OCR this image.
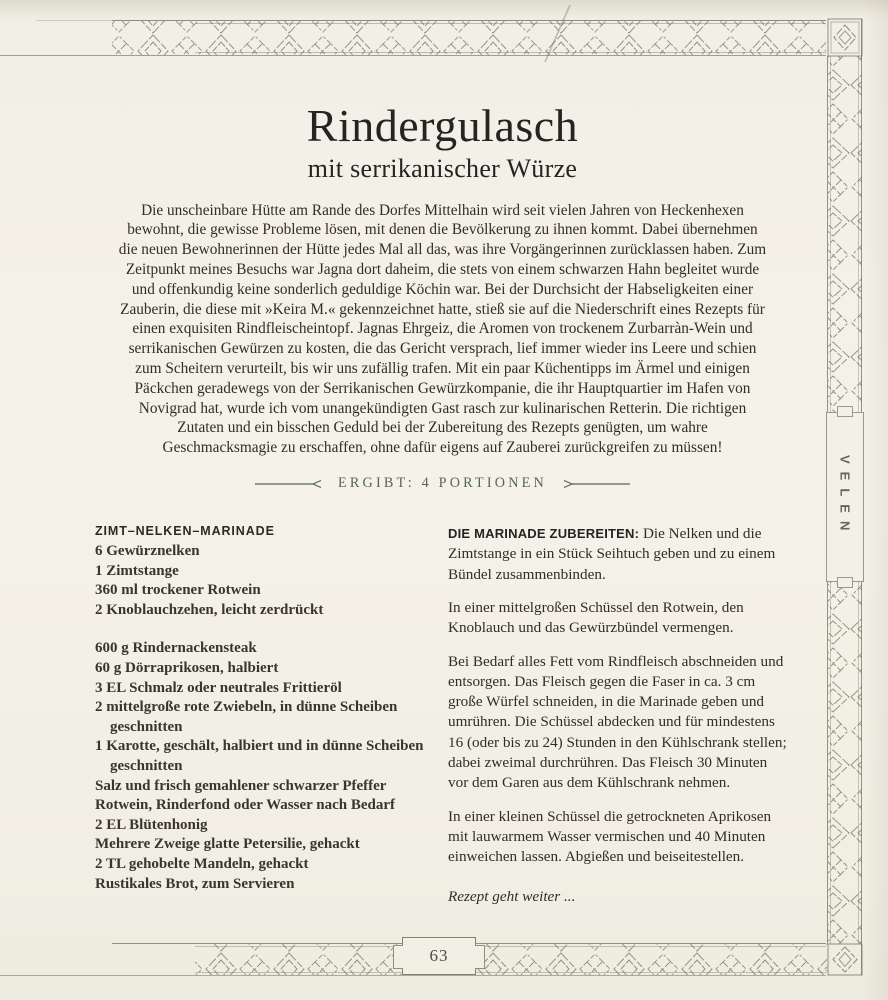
VELEN
63
Rindergulasch
mit serrikanischer Würze

Die unscheinbare Hütte am Rande des Dorfes Mittelhain wird seit vielen Jahren von Heckenhexen bewohnt, die gewisse Probleme lösen, mit denen die Bevölkerung zu ihnen kommt. Dabei übernehmen die neuen Bewohnerinnen der Hütte jedes Mal all das, was ihre Vorgängerinnen zurücklassen haben. Zum Zeitpunkt meines Besuchs war Jagna dort daheim, die stets von einem schwarzen Hahn begleitet wurde und offenkundig keine sonderlich geduldige Köchin war. Bei der Durchsicht der Habseligkeiten einer Zauberin, die diese mit »Keira M.« gekennzeichnet hatte, stieß sie auf die Niederschrift eines Rezepts für einen exquisiten Rindfleischeintopf. Jagnas Ehrgeiz, die Aromen von trockenem Zurbarràn-Wein und serrikanischen Gewürzen zu kosten, die das Gericht versprach, lief immer wieder ins Leere und schien zum Scheitern verurteilt, bis wir uns zufällig trafen. Mit ein paar Küchentipps im Ärmel und einigen Päckchen geradewegs von der Serrikanischen Gewürzkompanie, die ihr Hauptquartier im Hafen von Novigrad hat, wurde ich vom unangekündigten Gast rasch zur kulinarischen Retterin. Die richtigen Zutaten und ein bisschen Geduld bei der Zubereitung des Rezepts genügten, um wahre Geschmacksmagie zu erschaffen, ohne dafür eigens auf Zauberei zurückgreifen zu müssen!

ERGIBT: 4 PORTIONEN
ZIMT–NELKEN–MARINADE
6 Gewürznelken
1 Zimtstange
360 ml trockener Rotwein
2 Knoblauchzehen, leicht zerdrückt
600 g Rindernackensteak
60 g Dörraprikosen, halbiert
3 EL Schmalz oder neutrales Frittieröl
2 mittelgroße rote Zwiebeln, in dünne Scheiben geschnitten
1 Karotte, geschält, halbiert und in dünne Scheiben geschnitten
Salz und frisch gemahlener schwarzer Pfeffer
Rotwein, Rinderfond oder Wasser nach Bedarf
2 EL Blütenhonig
Mehrere Zweige glatte Petersilie, gehackt
2 TL gehobelte Mandeln, gehackt
Rustikales Brot, zum Servieren

DIE MARINADE ZUBEREITEN: Die Nelken und die Zimtstange in ein Stück Seihtuch geben und zu einem Bündel zusammenbinden.

In einer mittelgroßen Schüssel den Rotwein, den Knoblauch und das Gewürzbündel vermengen.

Bei Bedarf alles Fett vom Rindfleisch abschneiden und entsorgen. Das Fleisch gegen die Faser in ca. 3 cm große Würfel schneiden, in die Marinade geben und umrühren. Die Schüssel abdecken und für mindestens 16 (oder bis zu 24) Stunden in den Kühlschrank stellen; dabei zweimal durchrühren. Das Fleisch 30 Minuten vor dem Garen aus dem Kühlschrank nehmen.

In einer kleinen Schüssel die getrockneten Aprikosen mit lauwarmem Wasser vermischen und 40 Minuten einweichen lassen. Abgießen und beiseitestellen.

Rezept geht weiter ...
